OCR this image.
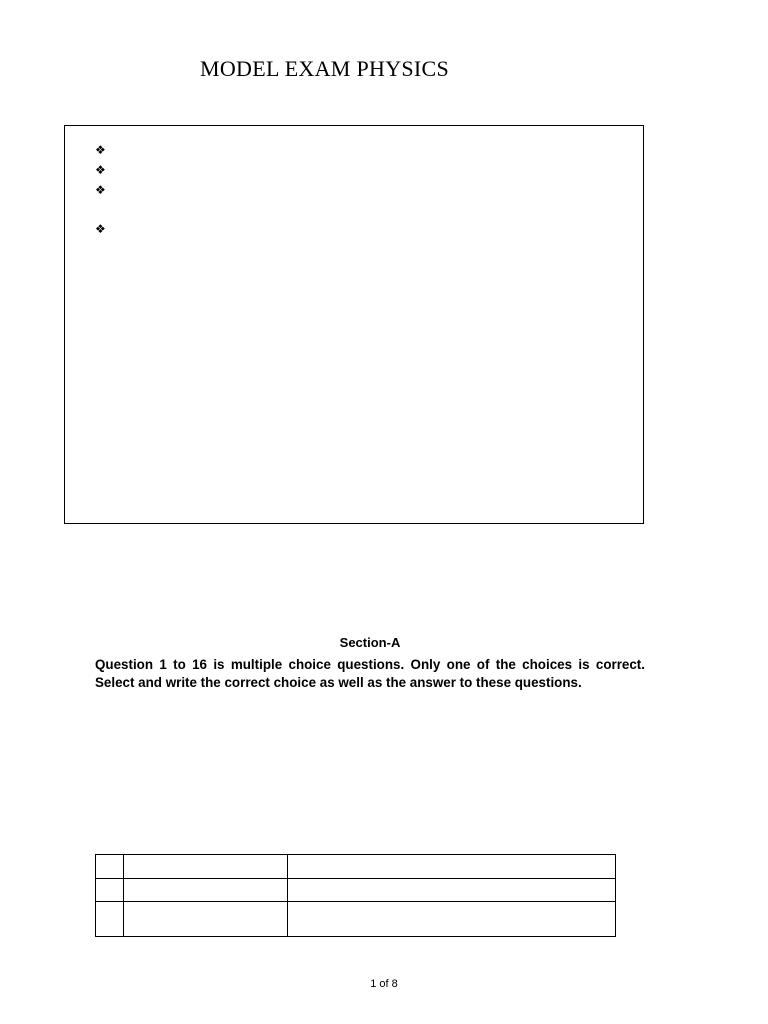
MODEL EXAM PHYSICS
❖
❖
❖
❖
Section-A
Question 1 to 16 is multiple choice questions. Only one of the choices is correct. Select and write the correct choice as well as the answer to these questions.

1 of 8
